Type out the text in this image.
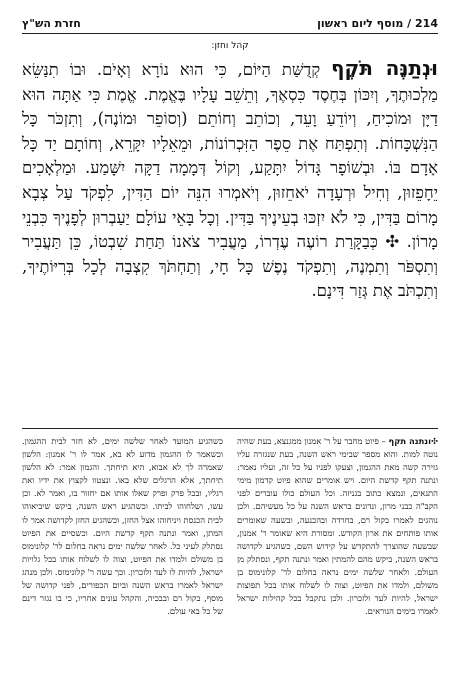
214 / מוסף ליום ראשון
חזרת הש"ץ
קהל וחזן:

וּנְתַנֶּה תֹּקֶף קְדֻשַּׁת הַיּוֹם, כִּי הוּא נוֹרָא וְאָיֹם. וּבוֹ תִנַּשֵּׂא מַלְכוּתֶךָ, וְיִכּוֹן בְּחֶסֶד כִּסְאֶךָ, וְתֵשֵׁב עָלָיו בֶּאֱמֶת. אֱמֶת כִּי אַתָּה הוּא דַיָּן וּמוֹכִיחַ, וְיוֹדֵעַ וָעֵד, וְכוֹתֵב וְחוֹתֵם (וְסוֹפֵר וּמוֹנֶה), וְתִזְכֹּר כָּל הַנִּשְׁכָּחוֹת. וְתִפְתַּח אֶת סֵפֶר הַזִּכְרוֹנוֹת, וּמֵאֵלָיו יִקָּרֵא, וְחוֹתָם יַד כָּל אָדָם בּוֹ. וּבְשׁוֹפָר גָּדוֹל יִתָּקַע, וְקוֹל דְּמָמָה דַקָּה יִשָּׁמַע. וּמַלְאָכִים יֵחָפֵזוּן, וְחִיל וּרְעָדָה יֹאחֵזוּן, וְיֹאמְרוּ הִנֵּה יוֹם הַדִּין, לִפְקֹד עַל צְבָא מָרוֹם בַּדִּין, כִּי לֹא יִזְכּוּ בְעֵינֶיךָ בַּדִּין. וְכָל בָּאֵי עוֹלָם יַעַבְרוּן לְפָנֶיךָ כִּבְנֵי מָרוֹן. ✣ כְּבַקָּרַת רוֹעֶה עֶדְרוֹ, מַעֲבִיר צֹאנוֹ תַּחַת שִׁבְטוֹ, כֵּן תַּעֲבִיר וְתִסְפֹּר וְתִמְנֶה, וְתִפְקֹד נֶפֶשׁ כָּל חָי, וְתַחְתֹּךְ קִצְבָה לְכָל בְּרִיּוֹתֶיךָ, וְתִכְתֹּב אֶת גְּזַר דִּינָם.

✣ונתנה תקף – פיוט מחבר על ר' אמנון ממגנצא, בעת שהיה נוטה למות. והוא מספר שבימי ראש השנה, בעת שנגזרה עליו גזירה קשה מאת ההגמון, וצעקו לפניו על כל זה, ועליו נאמר: ונתנה תקף קדשת היום. ויש אומרים שהוא פיוט קדמון מימי התנאים, ונמצא כתוב בגניזה. וכל העולם כולו עוברים לפני הקב"ה כבני מרון, ונדונים בראש השנה על כל מעשיהם. ולכן נוהגים לאמרו בקול רם, בחרדה ובהכנעה, ובשעה שאומרים אותו פותחים את ארון הקודש. ומסורת היא שאומר ר' אמנון, שבשעה שהוצרך להתקדש על קידוש השם, כשהגיע לקדושה בראש השנה, ביקש מהם להמתין ואמר ונתנה תקף, ונסתלק מן העולם. ולאחר שלשה ימים נראה בחלום לר' קלונימוס בן משולם, ולמדו את הפיוט, וצוה לו לשלוח אותו בכל תפוצות ישראל, להיות לעד ולזכרון. ולכן נתקבל בכל קהילות ישראל לאמרו בימים הנוראים.

כשהגיע המועד לאחר שלשה ימים, לא חזר לבית ההגמון. וכשאמר לו ההגמון מדוע לא בא, אמר לו ר' אמנון: הלשון שאמרה לך לא אבוא, היא תיחתך. והגמון אמר: לא הלשון תיחתך, אלא הרגלים שלא באו. ונצטוו לקצוץ את ידיו ואת רגליו, ובכל פרק ופרק שאלו אותו אם יחזור בו, ואמר לא. וכן עשו, ושלחוהו לביתו. וכשהגיע ראש השנה, ביקש שיביאוהו לבית הכנסת ויניחוהו אצל החזן, וכשהגיע החזן לקדושה אמר לו המתן, ואמר ונתנה תקף קדשת היום. וכשסיים את הפיוט נסתלק לעיני כל. לאחר שלשה ימים נראה בחלום לר' קלונימוס בן משולם ולמדו את הפיוט, וצוה לו לשלוח אותו בכל גלויות ישראל, להיות לו לעד ולזכרון. וכך עשה ר' קלונימוס. ולכן מנהג ישראל לאמרו בראש השנה וביום הכפורים, לפני קדושה של מוסף, בקול רם ובבכיה, והקהל עונים אחריו, כי בו נגזר דינם של כל באי עולם.
